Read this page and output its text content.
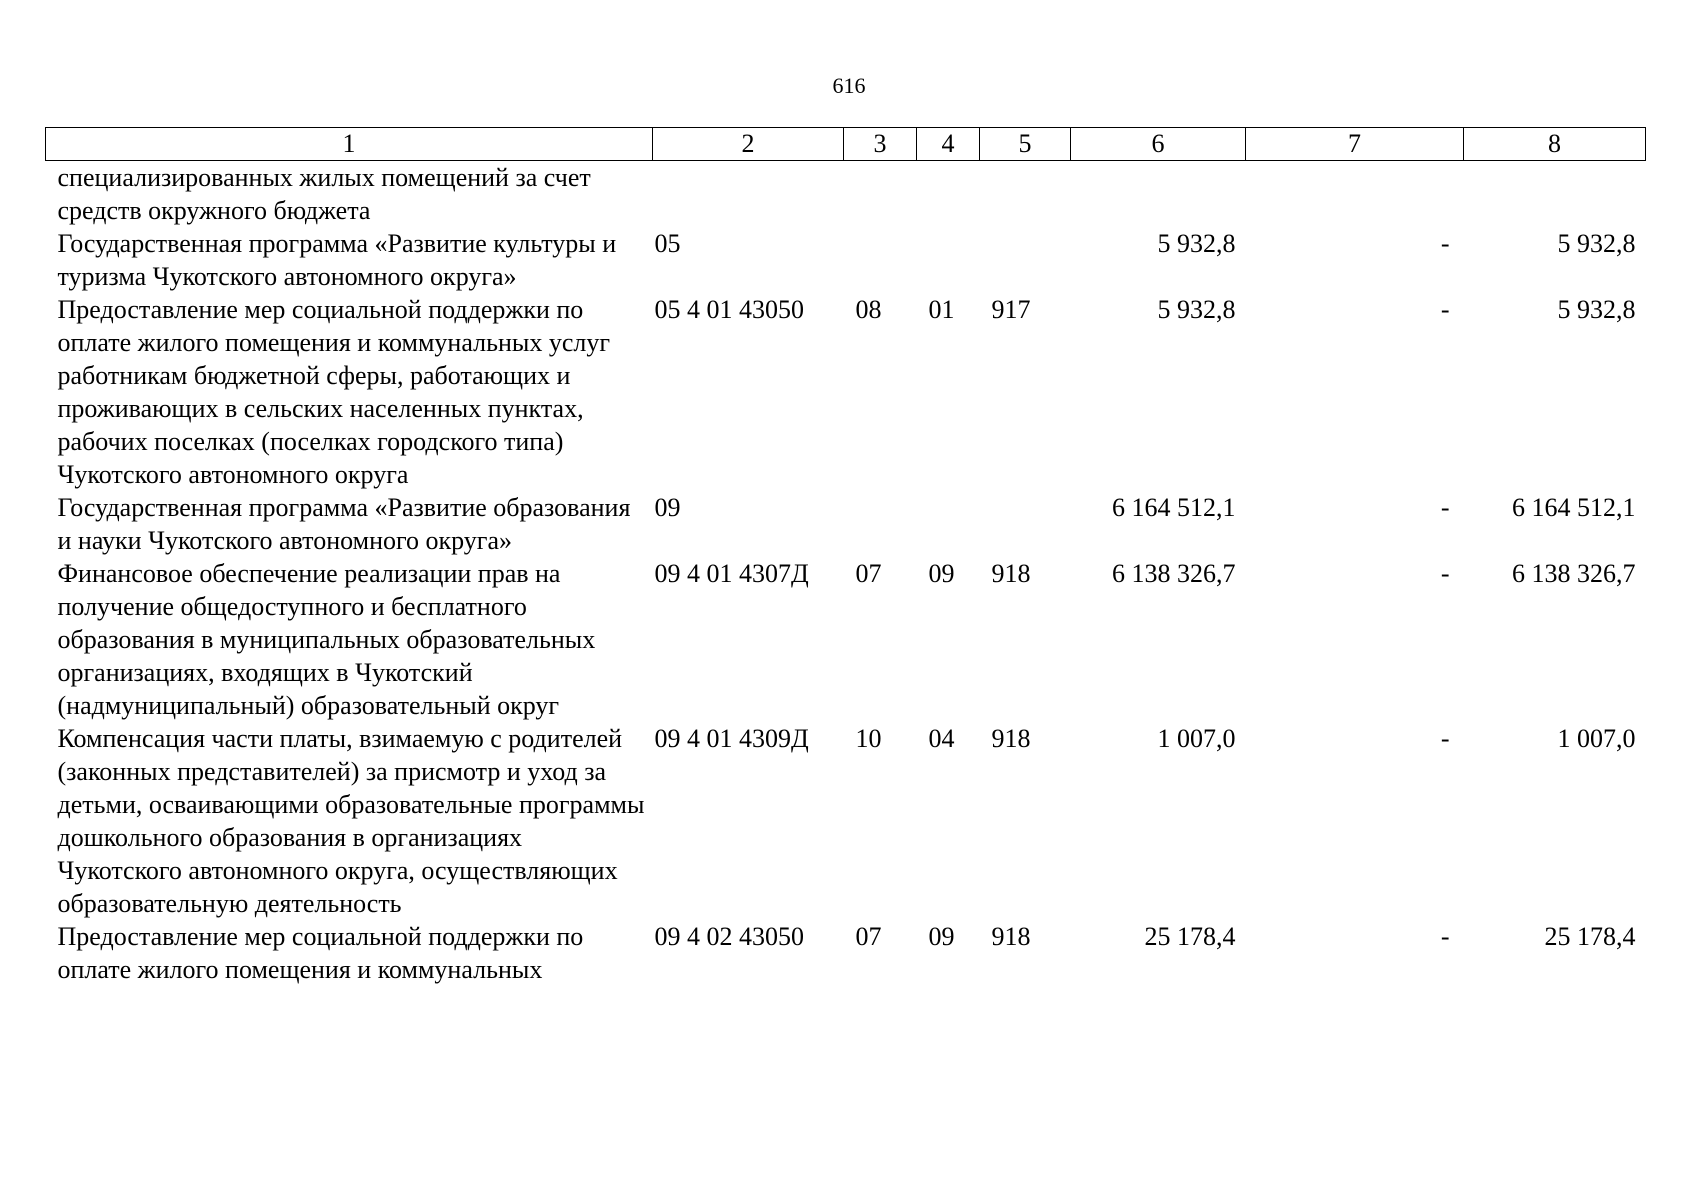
616
1	2	3	4	5	6	7	8
специализированных жилых помещений за счет средств окружного бюджета							
Государственная программа «Развитие культуры и туризма Чукотского автономного округа»	05				5 932,8	-	5 932,8
Предоставление мер социальной поддержки по оплате жилого помещения и коммунальных услуг работникам бюджетной сферы, работающих и проживающих в сельских населенных пунктах, рабочих поселках (поселках городского типа) Чукотского автономного округа	05 4 01 43050	08	01	917	5 932,8	-	5 932,8
Государственная программа «Развитие образования и науки Чукотского автономного округа»	09				6 164 512,1	-	6 164 512,1
Финансовое обеспечение реализации прав на получение общедоступного и бесплатного образования в муниципальных образовательных организациях, входящих в Чукотский (надмуниципальный) образовательный округ	09 4 01 4307Д	07	09	918	6 138 326,7	-	6 138 326,7
Компенсация части платы, взимаемую с родителей (законных представителей) за присмотр и уход за детьми, осваивающими образовательные программы дошкольного образования в организациях Чукотского автономного округа, осуществляющих образовательную деятельность	09 4 01 4309Д	10	04	918	1 007,0	-	1 007,0
Предоставление мер социальной поддержки по оплате жилого помещения и коммунальных	09 4 02 43050	07	09	918	25 178,4	-	25 178,4
